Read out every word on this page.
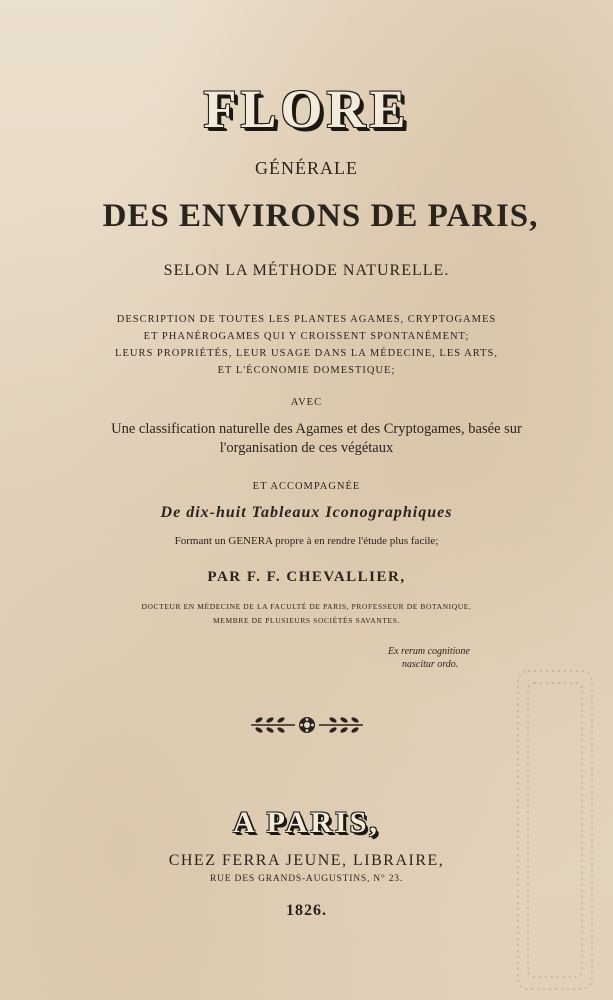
FLORE
GÉNÉRALE
DES ENVIRONS DE PARIS,
SELON LA MÉTHODE NATURELLE.
DESCRIPTION DE TOUTES LES PLANTES AGAMES, CRYPTOGAMES
ET PHANÉROGAMES QUI Y CROISSENT SPONTANÉMENT;
LEURS PROPRIÉTÉS, LEUR USAGE DANS LA MÉDECINE, LES ARTS,
ET L'ÉCONOMIE DOMESTIQUE;
AVEC
Une classification naturelle des Agames et des Cryptogames, basée sur
l'organisation de ces végétaux
ET ACCOMPAGNÉE
De dix-huit Tableaux Iconographiques
Formant un GENERA propre à en rendre l'étude plus facile;
PAR F. F. CHEVALLIER,
DOCTEUR EN MÉDECINE DE LA FACULTÉ DE PARIS, PROFESSEUR DE BOTANIQUE,
MEMBRE DE PLUSIEURS SOCIÉTÉS SAVANTES.
Ex rerum cognitione
nascitur ordo.
A PARIS,
CHEZ FERRA JEUNE, LIBRAIRE,
RUE DES GRANDS-AUGUSTINS, N° 23.
1826.
